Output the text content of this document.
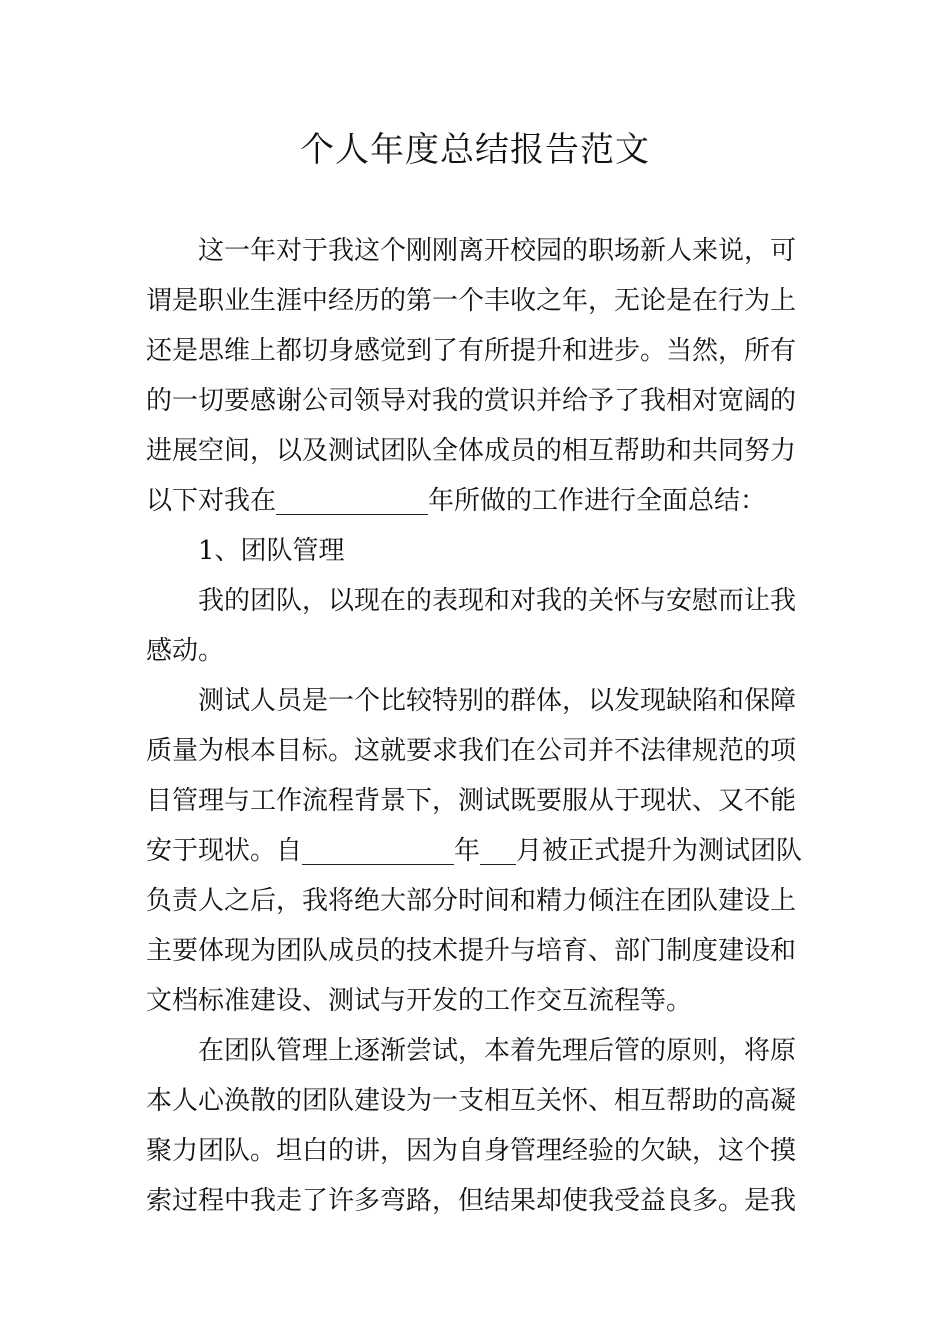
个人年度总结报告范文
这一年对于我这个刚刚离开校园的职场新人来说，可
谓是职业生涯中经历的第一个丰收之年，无论是在行为上
还是思维上都切身感觉到了有所提升和进步。当然，所有
的一切要感谢公司领导对我的赏识并给予了我相对宽阔的
进展空间，以及测试团队全体成员的相互帮助和共同努力
以下对我在	年所做的工作进行全面总结：
1、团队管理
我的团队，以现在的表现和对我的关怀与安慰而让我
感动。
测试人员是一个比较特别的群体，以发现缺陷和保障
质量为根本目标。这就要求我们在公司并不法律规范的项
目管理与工作流程背景下，测试既要服从于现状、又不能
安于现状。自	年 月被正式提升为测试团队
负责人之后，我将绝大部分时间和精力倾注在团队建设上
主要体现为团队成员的技术提升与培育、部门制度建设和
文档标准建设、测试与开发的工作交互流程等。
在团队管理上逐渐尝试，本着先理后管的原则，将原
本人心涣散的团队建设为一支相互关怀、相互帮助的高凝
聚力团队。坦白的讲，因为自身管理经验的欠缺，这个摸
索过程中我走了许多弯路，但结果却使我受益良多。是我
